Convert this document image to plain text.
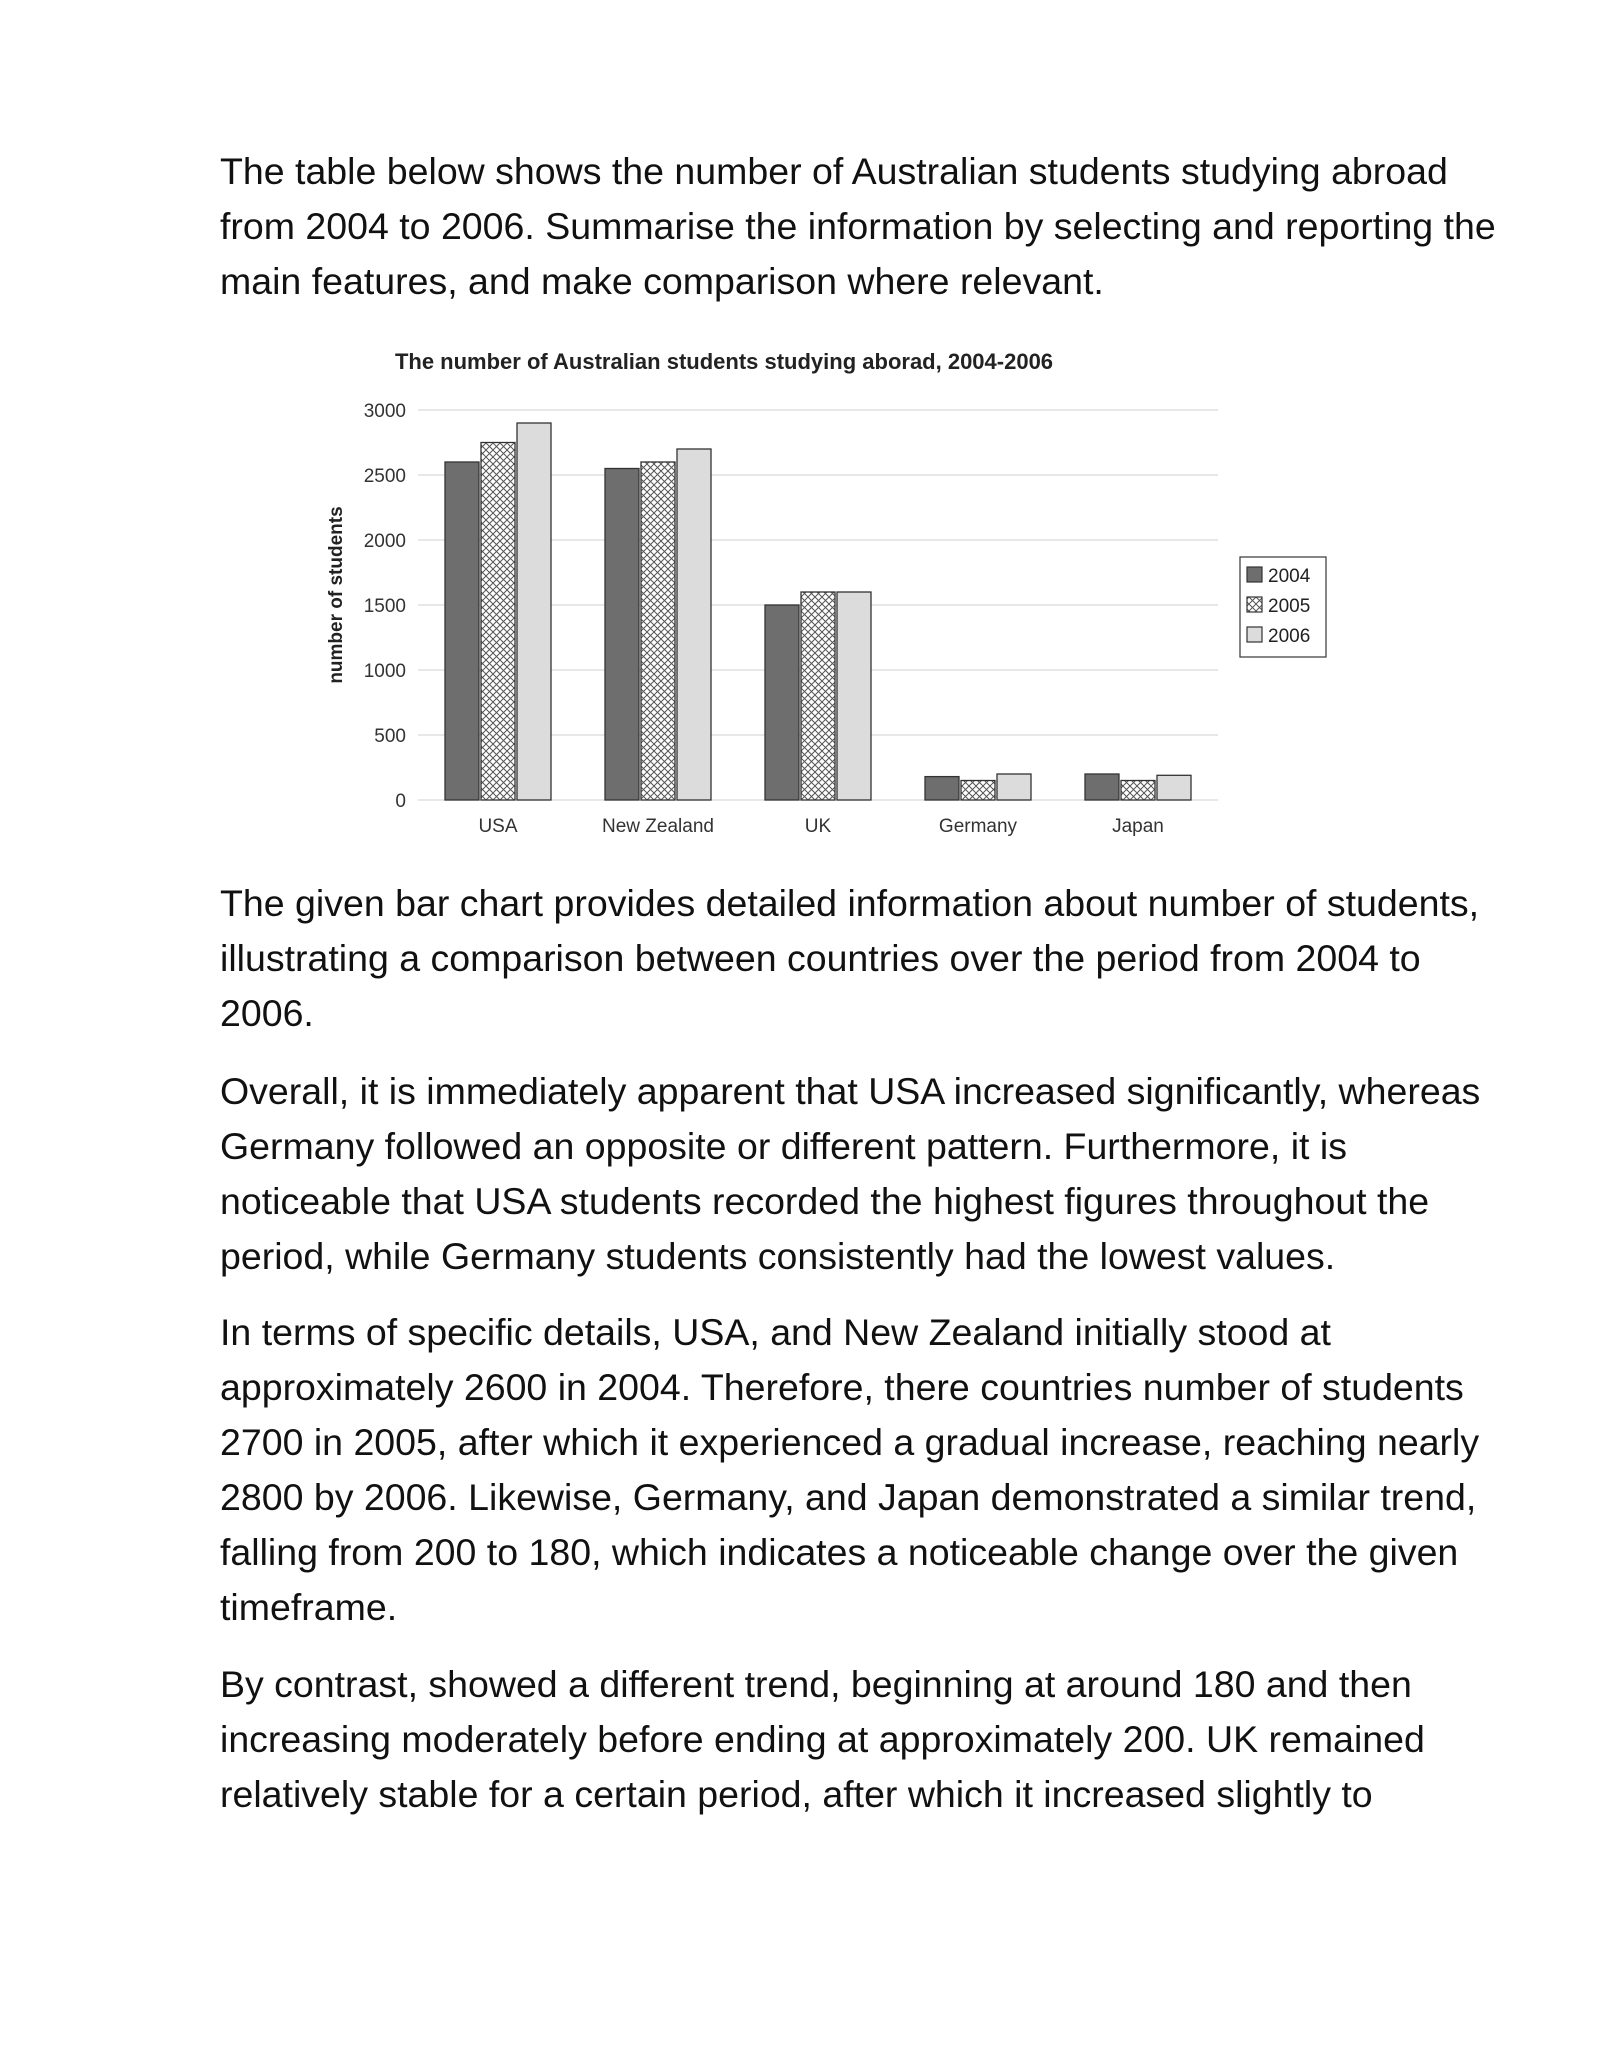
The table below shows the number of Australian students studying abroad from 2004 to 2006. Summarise the information by selecting and reporting the main features, and make comparison where relevant.

The number of Australian students studying aborad, 2004-2006
number of students
0
500
1000
1500
2000
2500
3000
USA	New Zealand	UK	Germany	Japan
2004
2005
2006

The given bar chart provides detailed information about number of students, illustrating a comparison between countries over the period from 2004 to 2006.

Overall, it is immediately apparent that USA increased significantly, whereas Germany followed an opposite or different pattern. Furthermore, it is noticeable that USA students recorded the highest figures throughout the period, while Germany students consistently had the lowest values.

In terms of specific details, USA, and New Zealand initially stood at approximately 2600 in 2004. Therefore, there countries number of students 2700 in 2005, after which it experienced a gradual increase, reaching nearly 2800 by 2006. Likewise, Germany, and Japan demonstrated a similar trend, falling from 200 to 180, which indicates a noticeable change over the given timeframe.

By contrast, showed a different trend, beginning at around 180 and then increasing moderately before ending at approximately 200. UK remained relatively stable for a certain period, after which it increased slightly to
